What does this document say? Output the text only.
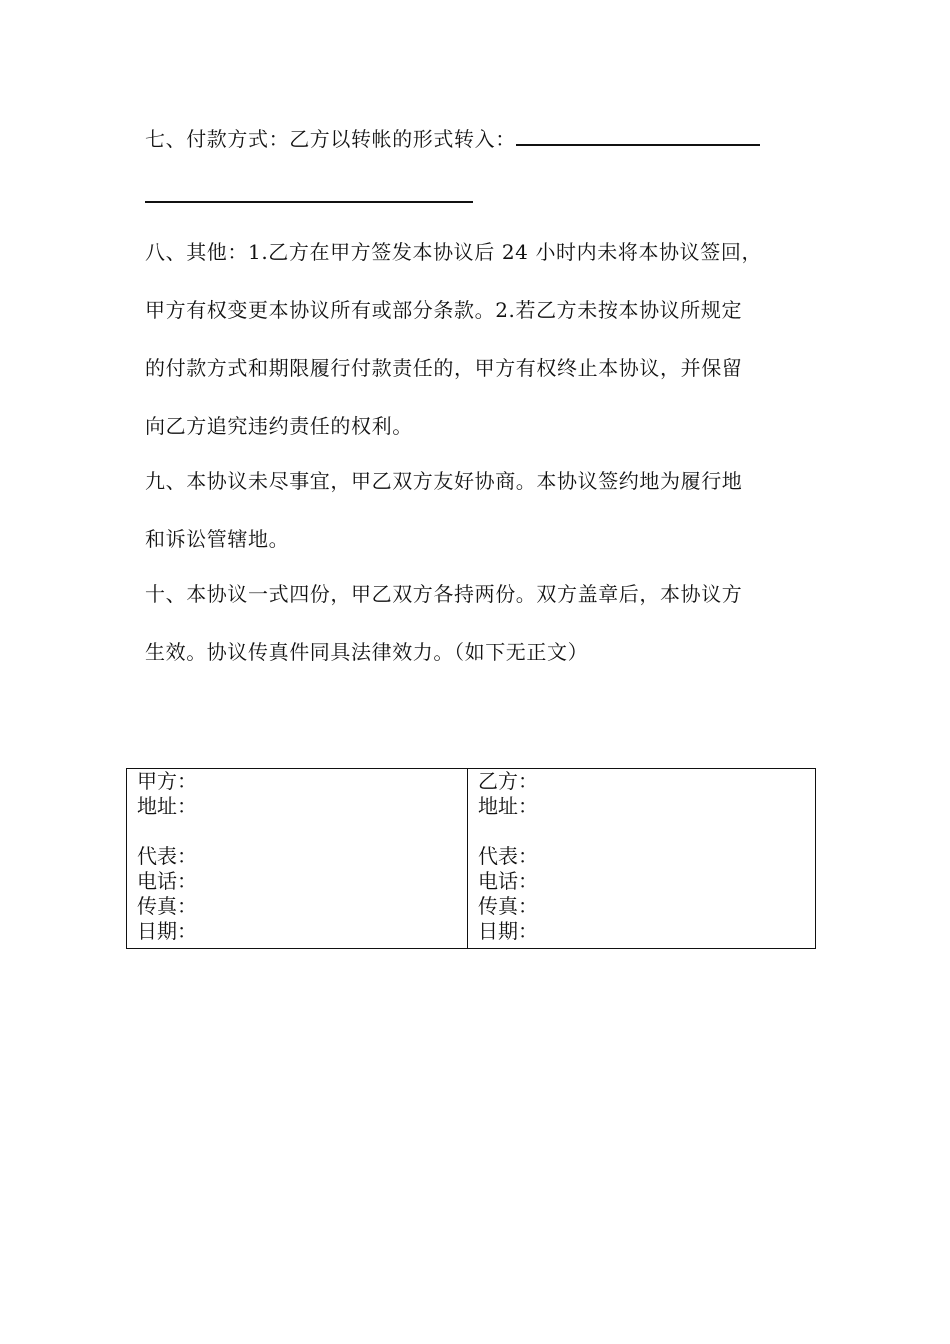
七、付款方式：乙方以转帐的形式转入：
八、其他：1.乙方在甲方签发本协议后 24 小时内未将本协议签回，
甲方有权变更本协议所有或部分条款。2.若乙方未按本协议所规定
的付款方式和期限履行付款责任的，甲方有权终止本协议，并保留
向乙方追究违约责任的权利。
九、本协议未尽事宜，甲乙双方友好协商。本协议签约地为履行地
和诉讼管辖地。
十、本协议一式四份，甲乙双方各持两份。双方盖章后，本协议方
生效。协议传真件同具法律效力。（如下无正文）
甲方：
地址：
代表：
电话：
传真：
日期：

乙方：
地址：
代表：
电话：
传真：
日期：
